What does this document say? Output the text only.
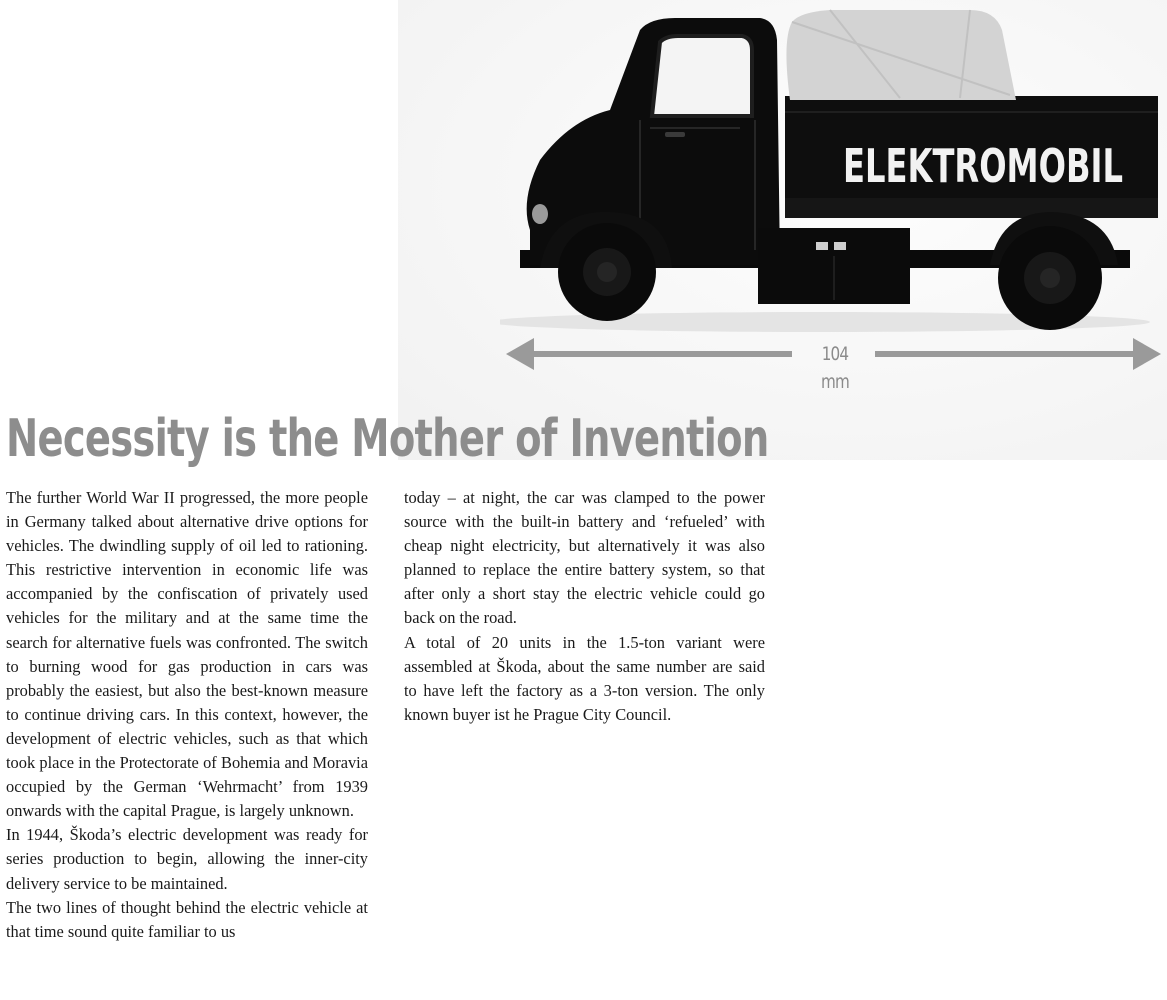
ELEKTROMOBIL
104 mm
Necessity is the Mother of Invention

The further World War II progressed, the more people in Germany talked about alternative drive options for vehicles. The dwindling supply of oil led to rationing. This restrictive intervention in economic life was accompanied by the confiscation of privately used vehicles for the military and at the same time the search for alternative fuels was confronted. The switch to burning wood for gas production in cars was probably the easiest, but also the best-known measure to continue driving cars. In this context, however, the development of electric vehicles, such as that which took place in the Protectorate of Bohemia and Moravia occupied by the German ‘Wehrmacht’ from 1939 onwards with the capital Prague, is largely unknown.

In 1944, Škoda’s electric development was ready for series production to begin, allowing the inner-city delivery service to be maintained.

The two lines of thought behind the electric vehicle at that time sound quite familiar to us

today – at night, the car was clamped to the power source with the built-in battery and ‘refueled’ with cheap night electricity, but alternatively it was also planned to replace the entire battery system, so that after only a short stay the electric vehicle could go back on the road.

A total of 20 units in the 1.5-ton variant were assembled at Škoda, about the same number are said to have left the factory as a 3-ton version. The only known buyer ist he Prague City Council.
